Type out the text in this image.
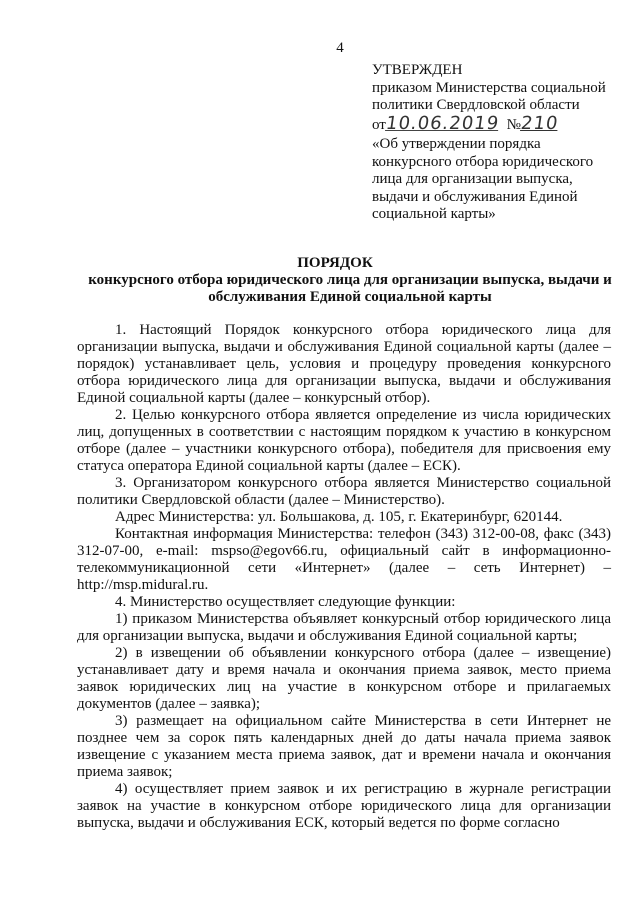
4
УТВЕРЖДЕН
приказом Министерства социальной
политики Свердловской области
от10.06.2019 №210
«Об утверждении порядка конкурсного отбора юридического лица для организации выпуска, выдачи и обслуживания Единой социальной карты»
ПОРЯДОК
конкурсного отбора юридического лица для организации выпуска, выдачи и обслуживания Единой социальной карты

1. Настоящий Порядок конкурсного отбора юридического лица для организации выпуска, выдачи и обслуживания Единой социальной карты (далее – порядок) устанавливает цель, условия и процедуру проведения конкурсного отбора юридического лица для организации выпуска, выдачи и обслуживания Единой социальной карты (далее – конкурсный отбор).

2. Целью конкурсного отбора является определение из числа юридических лиц, допущенных в соответствии с настоящим порядком к участию в конкурсном отборе (далее – участники конкурсного отбора), победителя для присвоения ему статуса оператора Единой социальной карты (далее – ЕСК).

3. Организатором конкурсного отбора является Министерство социальной политики Свердловской области (далее – Министерство).

Адрес Министерства: ул. Большакова, д. 105, г. Екатеринбург, 620144.

Контактная информация Министерства: телефон (343) 312-00-08, факс (343) 312-07-00, e-mail: mspso@egov66.ru, официальный сайт в информационно-телекоммуникационной сети «Интернет» (далее – сеть Интернет) – http://msp.midural.ru.

4. Министерство осуществляет следующие функции:

1) приказом Министерства объявляет конкурсный отбор юридического лица для организации выпуска, выдачи и обслуживания Единой социальной карты;

2) в извещении об объявлении конкурсного отбора (далее – извещение) устанавливает дату и время начала и окончания приема заявок, место приема заявок юридических лиц на участие в конкурсном отборе и прилагаемых документов (далее – заявка);

3) размещает на официальном сайте Министерства в сети Интернет не позднее чем за сорок пять календарных дней до даты начала приема заявок извещение с указанием места приема заявок, дат и времени начала и окончания приема заявок;

4) осуществляет прием заявок и их регистрацию в журнале регистрации заявок на участие в конкурсном отборе юридического лица для организации выпуска, выдачи и обслуживания ЕСК, который ведется по форме согласно
